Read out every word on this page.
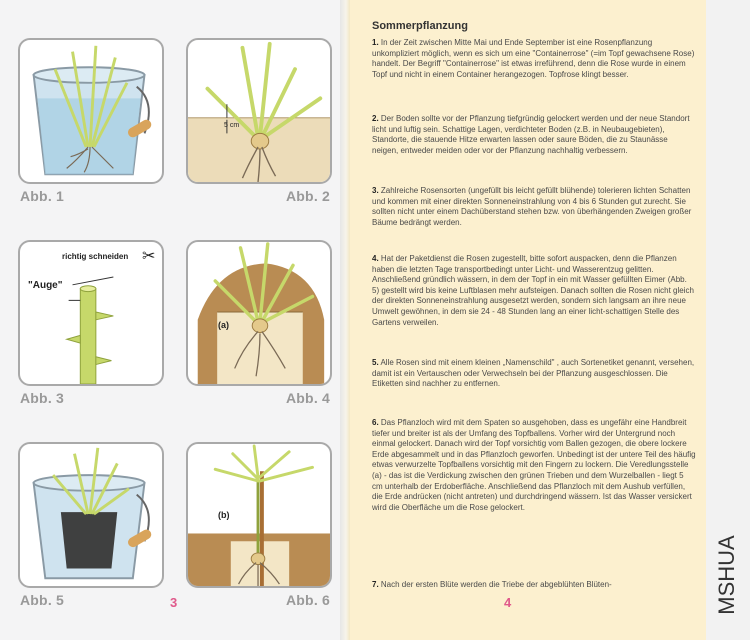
Abb. 1
5 cm
Abb. 2
richtig schneiden ✂
"Auge"
Abb. 3
(a)
Abb. 4
Abb. 5	3
(b)
Abb. 6
Sommerpflanzung

1. In der Zeit zwischen Mitte Mai und Ende September ist eine Rosenpflanzung unkompliziert möglich, wenn es sich um eine "Containerrose" (=im Topf gewachsene Rose) handelt. Der Begriff "Containerrose" ist etwas irreführend, denn die Rose wurde in einem Topf und nicht in einem Container herangezogen. Topfrose klingt besser.

2. Der Boden sollte vor der Pflanzung tiefgründig gelockert werden und der neue Standort licht und luftig sein. Schattige Lagen, verdichteter Boden (z.B. in Neubaugebieten), Standorte, die stauende Hitze erwarten lassen oder saure Böden, die zu Staunässe neigen, entweder meiden oder vor der Pflanzung nachhaltig verbessern.

3. Zahlreiche Rosensorten (ungefüllt bis leicht gefüllt blühende) tolerieren lichten Schatten und kommen mit einer direkten Sonneneinstrahlung von 4 bis 6 Stunden gut zurecht. Sie sollten nicht unter einem Dachüberstand stehen bzw. von überhängenden Zweigen großer Bäume bedrängt werden.

4. Hat der Paketdienst die Rosen zugestellt, bitte sofort auspacken, denn die Pflanzen haben die letzten Tage transportbedingt unter Licht- und Wasserentzug gelitten. Anschließend gründlich wässern, in dem der Topf in ein mit Wasser gefüllten Eimer (Abb. 5) gestellt wird bis keine Luftblasen mehr aufsteigen. Danach sollten die Rosen nicht gleich der direkten Sonneneinstrahlung ausgesetzt werden, sondern sich langsam an ihre neue Umwelt gewöhnen, in dem sie 24 - 48 Stunden lang an einer licht-schattigen Stelle des Gartens verweilen.

5. Alle Rosen sind mit einem kleinen „Namenschild" , auch Sortenetiket genannt, versehen, damit ist ein Vertauschen oder Verwechseln bei der Pflanzung ausgeschlossen. Die Etiketten sind nachher zu entfernen.

6. Das Pflanzloch wird mit dem Spaten so ausgehoben, dass es ungefähr eine Handbreit tiefer und breiter ist als der Umfang des Topfballens. Vorher wird der Untergrund noch einmal gelockert. Danach wird der Topf vorsichtig vom Ballen gezogen, die obere lockere Erde abgesammelt und in das Pflanzloch geworfen. Unbedingt ist der untere Teil des häufig etwas verwurzelte Topfballens vorsichtig mit den Fingern zu lockern. Die Veredlungsstelle (a) - das ist die Verdickung zwischen den grünen Trieben und dem Wurzelballen - liegt 5 cm unterhalb der Erdoberfläche. Anschließend das Pflanzloch mit dem Aushub verfüllen, die Erde andrücken (nicht antreten) und durchdringend wässern. Ist das Wasser versickert wird die Oberfläche um die Rose gelockert.

7. Nach der ersten Blüte werden die Triebe der abgeblühten Blüten-

4	MSHUA
